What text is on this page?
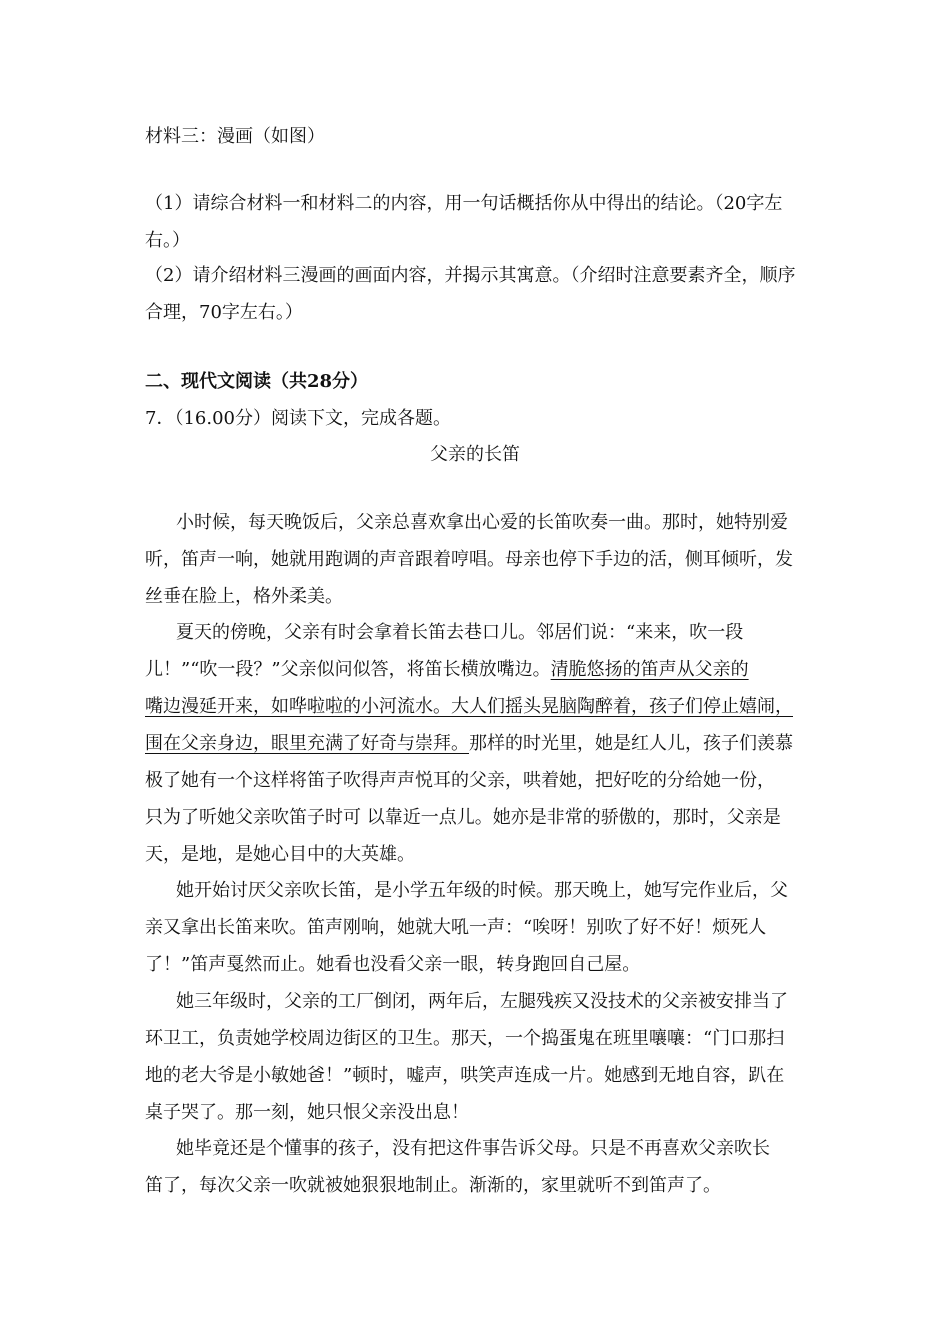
材料三：漫画（如图）
（1）请综合材料一和材料二的内容，用一句话概括你从中得出的结论。（20字左
右。）
（2）请介绍材料三漫画的画面内容，并揭示其寓意。（介绍时注意要素齐全，顺序
合理，70字左右。）
二、现代文阅读（共28分）
7．（16.00分）阅读下文，完成各题。
父亲的长笛
小时候，每天晚饭后，父亲总喜欢拿出心爱的长笛吹奏一曲。那时，她特别爱
听，笛声一响，她就用跑调的声音跟着哼唱。母亲也停下手边的活，侧耳倾听，发
丝垂在脸上，格外柔美。
夏天的傍晚，父亲有时会拿着长笛去巷口儿。邻居们说：“来来，吹一段
儿！”“吹一段？”父亲似问似答，将笛长横放嘴边。清脆悠扬的笛声从父亲的
嘴边漫延开来，如哗啦啦的小河流水。大人们摇头晃脑陶醉着，孩子们停止嬉闹，
围在父亲身边，眼里充满了好奇与崇拜。那样的时光里，她是红人儿，孩子们羡慕
极了她有一个这样将笛子吹得声声悦耳的父亲，哄着她，把好吃的分给她一份，
只为了听她父亲吹笛子时可 以靠近一点儿。她亦是非常的骄傲的，那时，父亲是
天，是地，是她心目中的大英雄。
她开始讨厌父亲吹长笛，是小学五年级的时候。那天晚上，她写完作业后，父
亲又拿出长笛来吹。笛声刚响，她就大吼一声：“唉呀！别吹了好不好！烦死人
了！”笛声戛然而止。她看也没看父亲一眼，转身跑回自己屋。
她三年级时，父亲的工厂倒闭，两年后，左腿残疾又没技术的父亲被安排当了
环卫工，负责她学校周边街区的卫生。那天，一个捣蛋鬼在班里嚷嚷：“门口那扫
地的老大爷是小敏她爸！”顿时，嘘声，哄笑声连成一片。她感到无地自容，趴在
桌子哭了。那一刻，她只恨父亲没出息！
她毕竟还是个懂事的孩子，没有把这件事告诉父母。只是不再喜欢父亲吹长
笛了，每次父亲一吹就被她狠狠地制止。渐渐的，家里就听不到笛声了。
